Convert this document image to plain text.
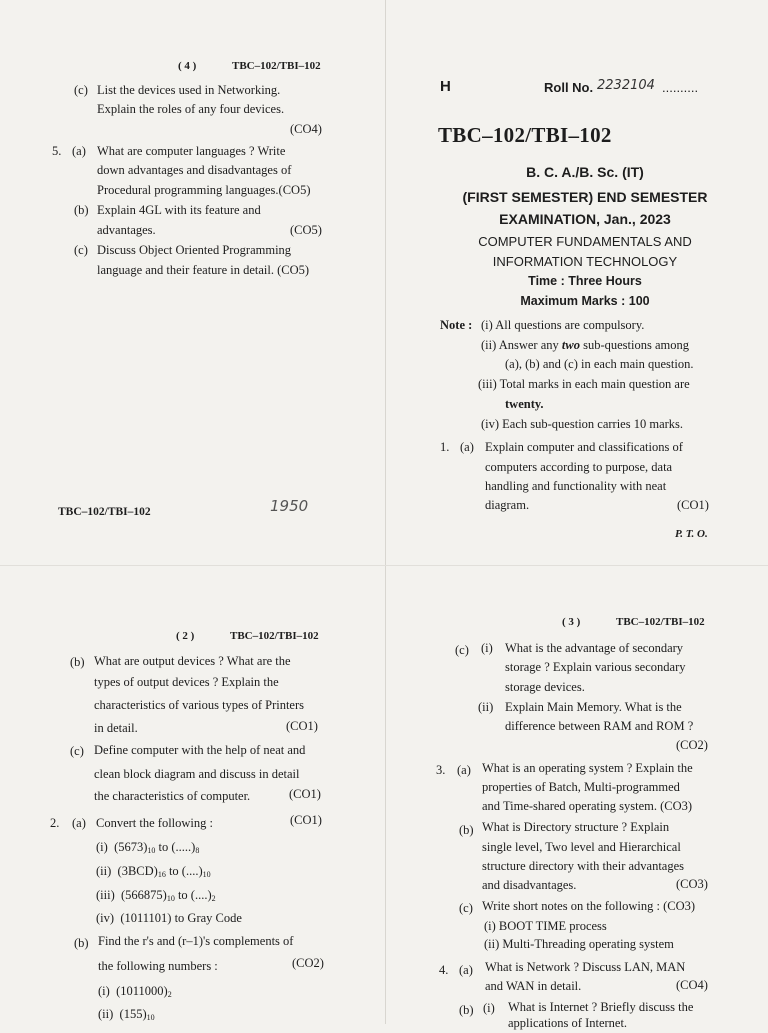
( 4 )	TBC–102/TBI–102
(c) List the devices used in Networking.
Explain the roles of any four devices.
(CO4)
5. (a) What are computer languages ? Write
down advantages and disadvantages of
Procedural programming languages.(CO5)
(b) Explain 4GL with its feature and
advantages.	(CO5)
(c) Discuss Object Oriented Programming
language and their feature in detail. (CO5)
1950
TBC–102/TBI–102
H	Roll No. 2232104 ..........
TBC–102/TBI–102
B. C. A./B. Sc. (IT)
(FIRST SEMESTER) END SEMESTER
EXAMINATION, Jan., 2023
COMPUTER FUNDAMENTALS AND
INFORMATION TECHNOLOGY
Time : Three Hours
Maximum Marks : 100
Note : (i) All questions are compulsory.
(ii) Answer any two sub-questions among
(a), (b) and (c) in each main question.
(iii) Total marks in each main question are
twenty.
(iv) Each sub-question carries 10 marks.
1. (a) Explain computer and classifications of
computers according to purpose, data
handling and functionality with neat
diagram.	(CO1)
P. T. O.
( 2 )	TBC–102/TBI–102
(b) What are output devices ? What are the
types of output devices ? Explain the
characteristics of various types of Printers
in detail.	(CO1)
(c) Define computer with the help of neat and
clean block diagram and discuss in detail
the characteristics of computer.	(CO1)
2. (a) Convert the following :	(CO1)
(i) $(5673)_{10}$ to $(.....)_8$
(ii) $(3BCD)_{16}$ to $(....)_{10}$
(iii) $(566875)_{10}$ to $(....)_2$
(iv) (1011101) to Gray Code
(b) Find the r's and (r–1)'s complements of
the following numbers :	(CO2)
(i) $(1011000)_2$
(ii) $(155)_{10}$
( 3 )	TBC–102/TBI–102
(c) (i) What is the advantage of secondary
storage ? Explain various secondary
storage devices.
(ii) Explain Main Memory. What is the
difference between RAM and ROM ?
(CO2)
3. (a) What is an operating system ? Explain the
properties of Batch, Multi-programmed
and Time-shared operating system. (CO3)
(b) What is Directory structure ? Explain
single level, Two level and Hierarchical
structure directory with their advantages
and disadvantages.	(CO3)
(c) Write short notes on the following : (CO3)
(i) BOOT TIME process
(ii) Multi-Threading operating system
4. (a) What is Network ? Discuss LAN, MAN
and WAN in detail.	(CO4)
(b) (i) What is Internet ? Briefly discuss the
applications of Internet.
